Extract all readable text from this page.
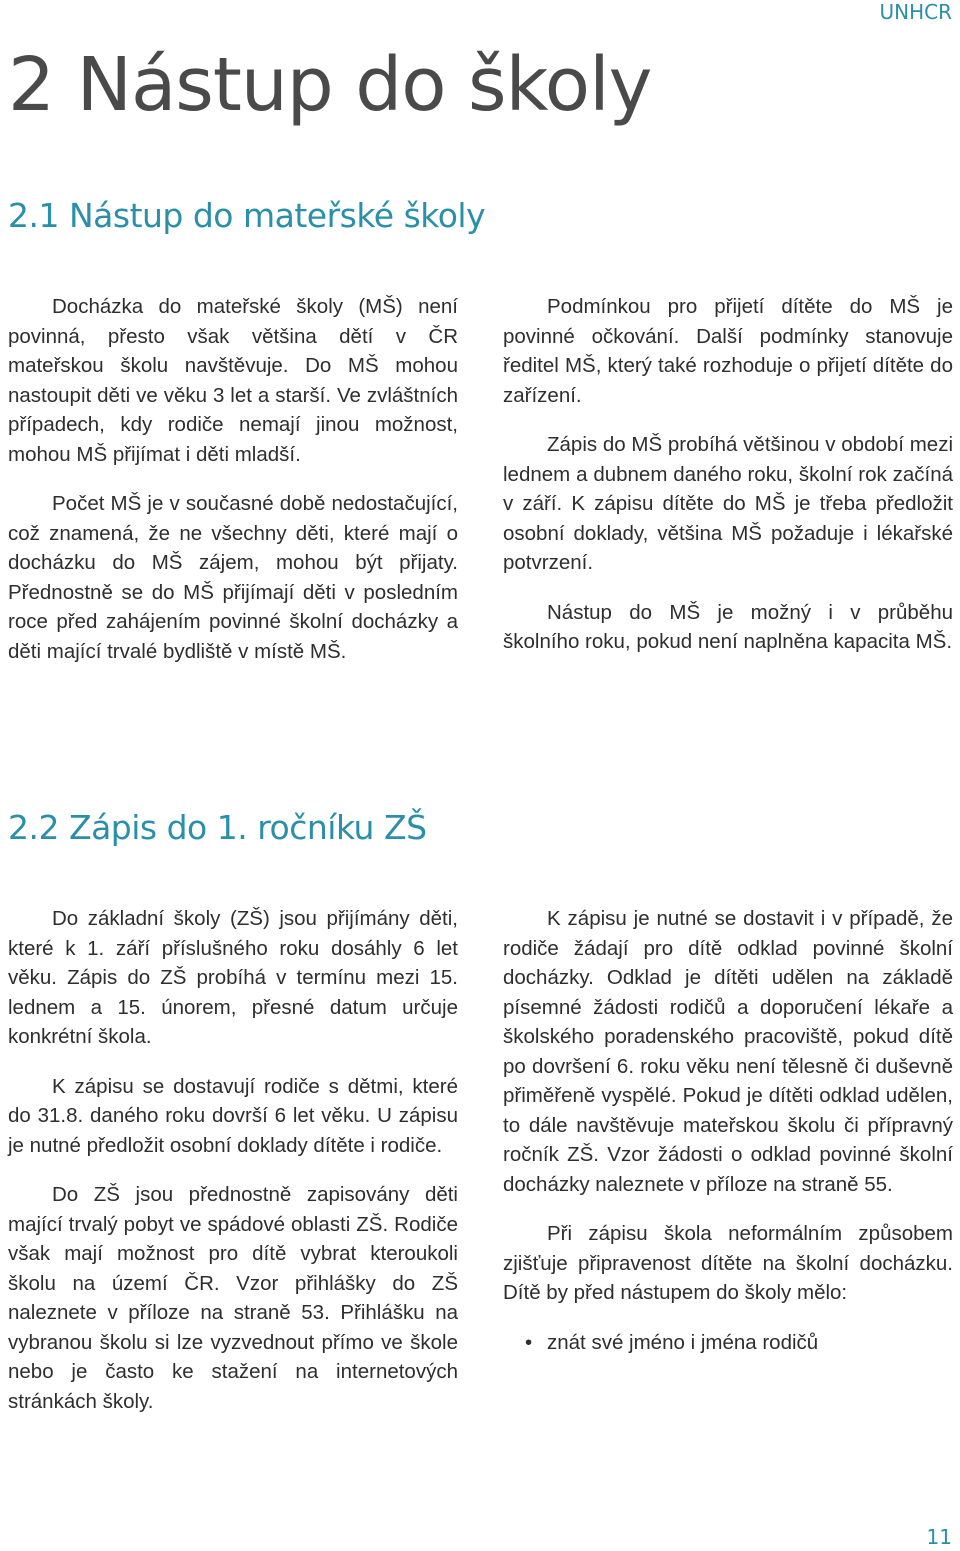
UNHCR
2 Nástup do školy
2.1 Nástup do mateřské školy

Docházka do mateřské školy (MŠ) není povinná, přesto však většina dětí v ČR mateřskou školu navštěvuje. Do MŠ mohou nastoupit děti ve věku 3 let a starší. Ve zvláštních případech, kdy rodiče nemají jinou možnost, mohou MŠ přijímat i děti mladší.

Počet MŠ je v současné době nedostačující, což znamená, že ne všechny děti, které mají o docházku do MŠ zájem, mohou být přijaty. Přednostně se do MŠ přijímají děti v posledním roce před zahájením povinné školní docházky a děti mající trvalé bydliště v místě MŠ.

Podmínkou pro přijetí dítěte do MŠ je povinné očkování. Další podmínky stanovuje ředitel MŠ, který také rozhoduje o přijetí dítěte do zařízení.

Zápis do MŠ probíhá většinou v období mezi lednem a dubnem daného roku, školní rok začíná v září. K zápisu dítěte do MŠ je třeba předložit osobní doklady, většina MŠ požaduje i lékařské potvrzení.

Nástup do MŠ je možný i v průběhu školního roku, pokud není naplněna kapacita MŠ.

2.2 Zápis do 1. ročníku ZŠ

Do základní školy (ZŠ) jsou přijímány děti, které k 1. září příslušného roku dosáhly 6 let věku. Zápis do ZŠ probíhá v termínu mezi 15. lednem a 15. únorem, přesné datum určuje konkrétní škola.

K zápisu se dostavují rodiče s dětmi, které do 31.8. daného roku dovrší 6 let věku. U zápisu je nutné předložit osobní doklady dítěte i rodiče.

Do ZŠ jsou přednostně zapisovány děti mající trvalý pobyt ve spádové oblasti ZŠ. Rodiče však mají možnost pro dítě vybrat kteroukoli školu na území ČR. Vzor přihlášky do ZŠ naleznete v příloze na straně 53. Přihlášku na vybranou školu si lze vyzvednout přímo ve škole nebo je často ke stažení na internetových stránkách školy.

K zápisu je nutné se dostavit i v případě, že rodiče žádají pro dítě odklad povinné školní docházky. Odklad je dítěti udělen na základě písemné žádosti rodičů a doporučení lékaře a školského poradenského pracoviště, pokud dítě po dovršení 6. roku věku není tělesně či duševně přiměřeně vyspělé. Pokud je dítěti odklad udělen, to dále navštěvuje mateřskou školu či přípravný ročník ZŠ. Vzor žádosti o odklad povinné školní docházky naleznete v příloze na straně 55.

Při zápisu škola neformálním způsobem zjišťuje připravenost dítěte na školní docházku. Dítě by před nástupem do školy mělo:

• znát své jméno i jména rodičů
11
